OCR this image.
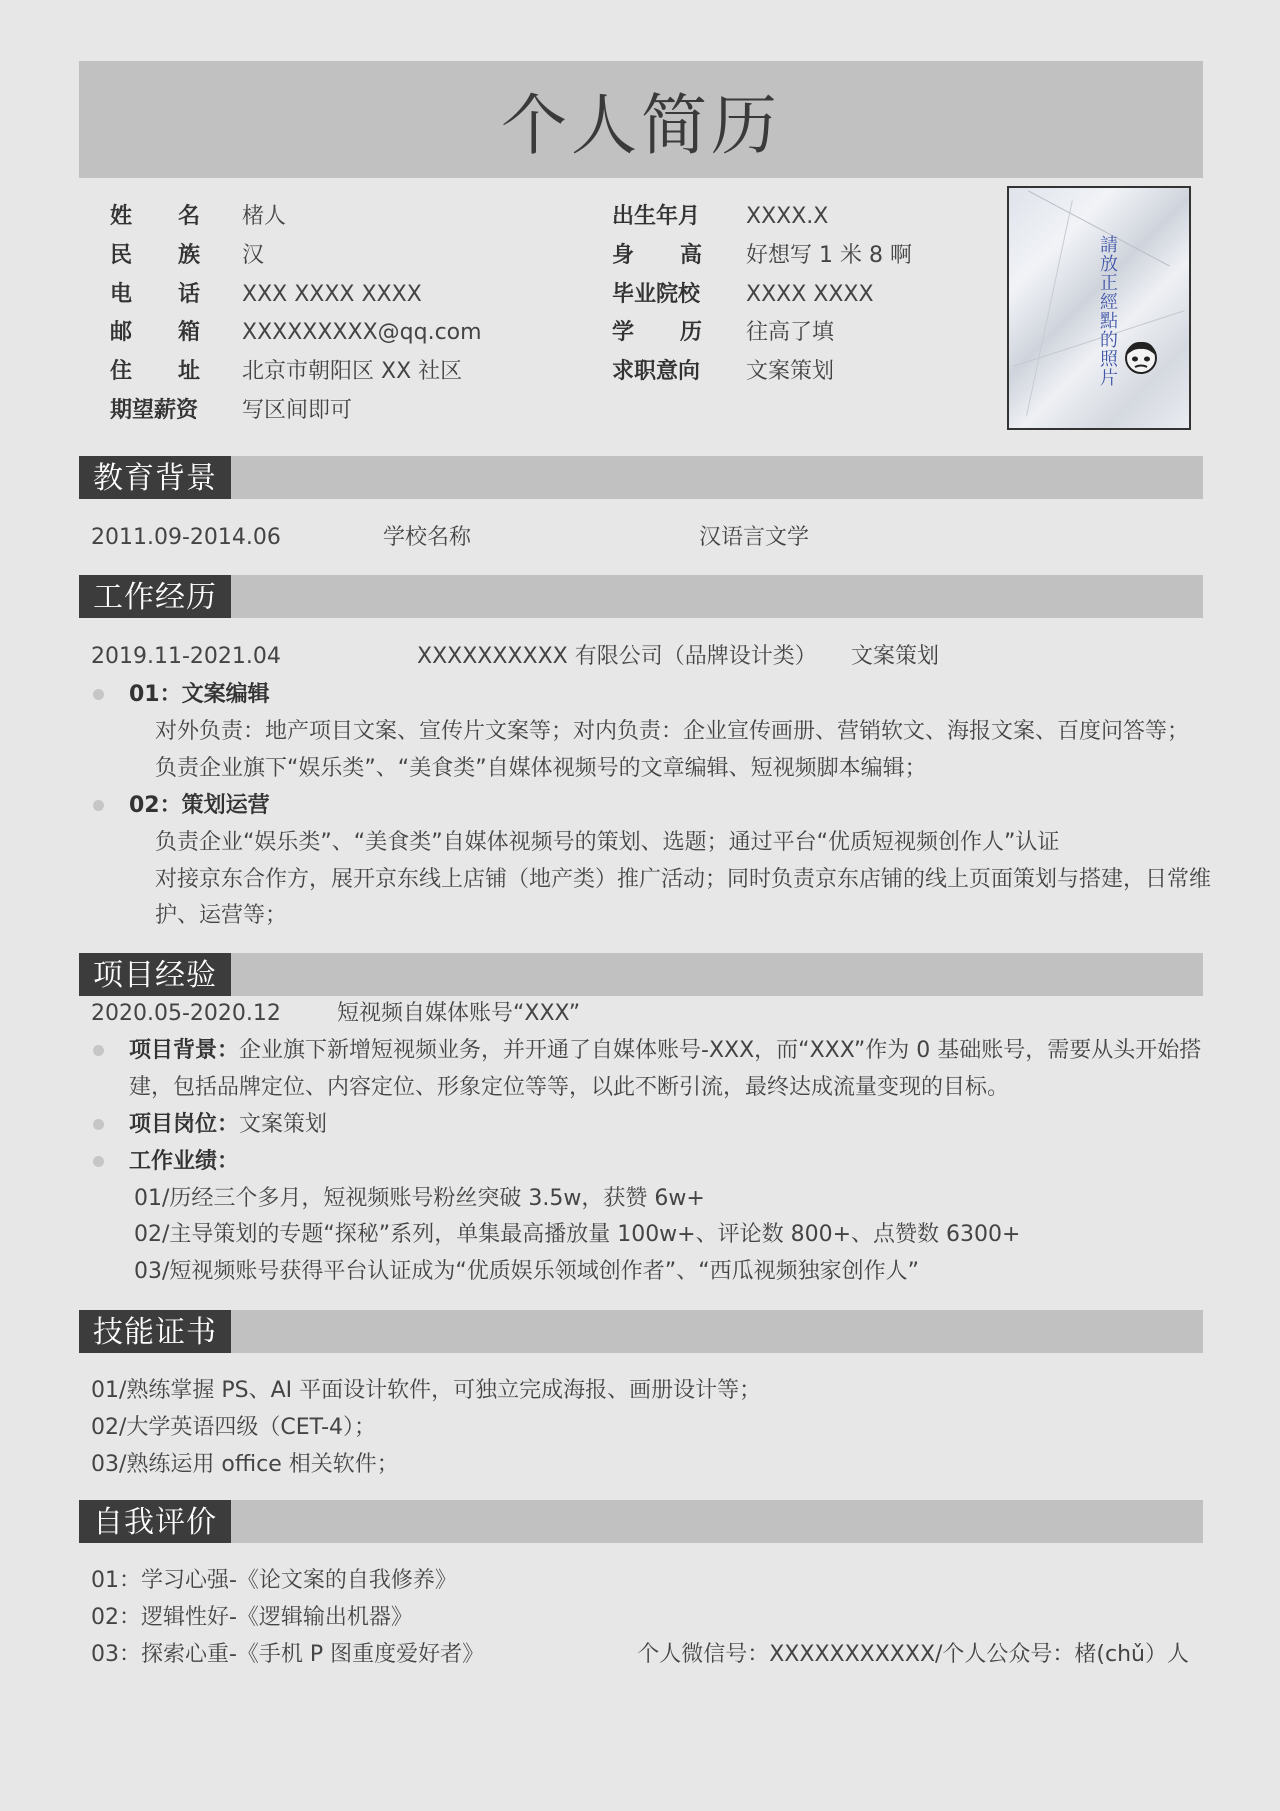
个人简历
姓 名 楮人
民 族 汉
电 话 XXX XXXX XXXX
邮 箱 XXXXXXXXX@qq.com
住 址 北京市朝阳区 XX 社区
期望薪资 写区间即可
出生年月 XXXX.X
身 高 好想写 1 米 8 啊
毕业院校 XXXX XXXX
学 历 往高了填
求职意向 文案策划
請放正經點的照片
教育背景
2011.09-2014.06	学校名称	汉语言文学
工作经历
2019.11-2021.04	XXXXXXXXXX 有限公司（品牌设计类） 文案策划
01：文案编辑
对外负责：地产项目文案、宣传片文案等；对内负责：企业宣传画册、营销软文、海报文案、百度问答等；
负责企业旗下“娱乐类”、“美食类”自媒体视频号的文章编辑、短视频脚本编辑；
02：策划运营
负责企业“娱乐类”、“美食类”自媒体视频号的策划、选题；通过平台“优质短视频创作人”认证
对接京东合作方，展开京东线上店铺（地产类）推广活动；同时负责京东店铺的线上页面策划与搭建，日常维
护、运营等；
项目经验
2020.05-2020.12	短视频自媒体账号“XXX”
项目背景：企业旗下新增短视频业务，并开通了自媒体账号-XXX，而“XXX”作为 0 基础账号，需要从头开始搭
建，包括品牌定位、内容定位、形象定位等等，以此不断引流，最终达成流量变现的目标。
项目岗位：文案策划
工作业绩：
01/历经三个多月，短视频账号粉丝突破 3.5w，获赞 6w+
02/主导策划的专题“探秘”系列，单集最高播放量 100w+、评论数 800+、点赞数 6300+
03/短视频账号获得平台认证成为“优质娱乐领域创作者”、“西瓜视频独家创作人”
技能证书
01/熟练掌握 PS、AI 平面设计软件，可独立完成海报、画册设计等；
02/大学英语四级（CET-4）；
03/熟练运用 office 相关软件；
自我评价
01：学习心强-《论文案的自我修养》
02：逻辑性好-《逻辑输出机器》
03：探索心重-《手机 P 图重度爱好者》	个人微信号：XXXXXXXXXXX/个人公众号：楮(chǔ）人
